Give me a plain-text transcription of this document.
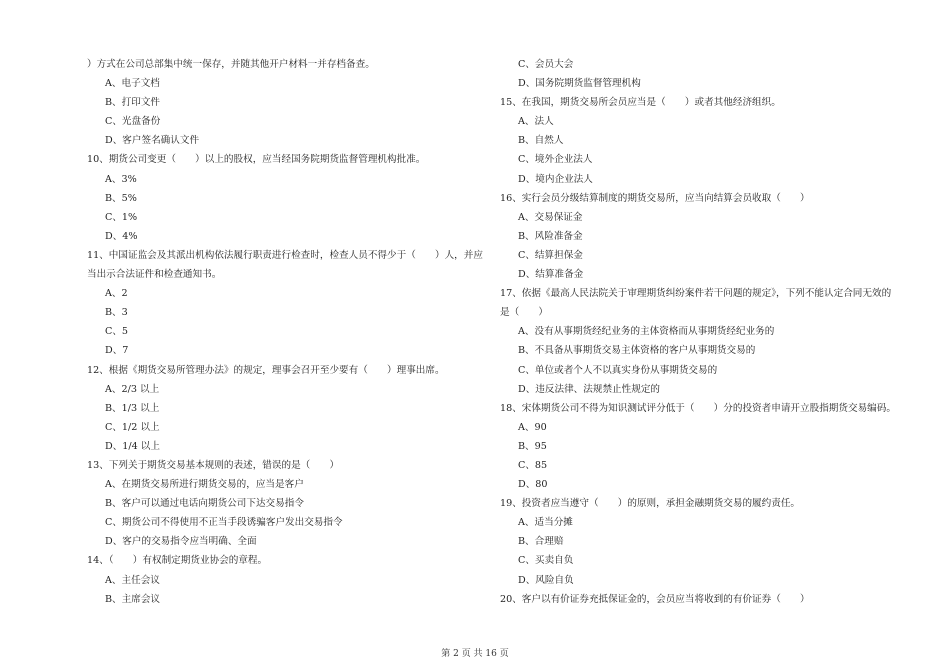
）方式在公司总部集中统一保存，并随其他开户材料一并存档备查。
A、电子文档
B、打印文件
C、光盘备份
D、客户签名确认文件
10、期货公司变更（　　）以上的股权，应当经国务院期货监督管理机构批准。
A、3%
B、5%
C、1%
D、4%
11、中国证监会及其派出机构依法履行职责进行检查时，检查人员不得少于（　　）人，并应
当出示合法证件和检查通知书。
A、2
B、3
C、5
D、7
12、根据《期货交易所管理办法》的规定，理事会召开至少要有（　　）理事出席。
A、2/3 以上
B、1/3 以上
C、1/2 以上
D、1/4 以上
13、下列关于期货交易基本规则的表述，错误的是（　　）
A、在期货交易所进行期货交易的，应当是客户
B、客户可以通过电话向期货公司下达交易指令
C、期货公司不得使用不正当手段诱骗客户发出交易指令
D、客户的交易指令应当明确、全面
14、（　　）有权制定期货业协会的章程。
A、主任会议
B、主席会议
C、会员大会
D、国务院期货监督管理机构
15、在我国，期货交易所会员应当是（　　）或者其他经济组织。
A、法人
B、自然人
C、境外企业法人
D、境内企业法人
16、实行会员分级结算制度的期货交易所，应当向结算会员收取（　　）
A、交易保证金
B、风险准备金
C、结算担保金
D、结算准备金
17、依据《最高人民法院关于审理期货纠纷案件若干问题的规定》，下列不能认定合同无效的
是（　　）
A、没有从事期货经纪业务的主体资格而从事期货经纪业务的
B、不具备从事期货交易主体资格的客户从事期货交易的
C、单位或者个人不以真实身份从事期货交易的
D、违反法律、法规禁止性规定的
18、宋体期货公司不得为知识测试评分低于（　　）分的投资者申请开立股指期货交易编码。
A、90
B、95
C、85
D、80
19、投资者应当遵守（　　）的原则，承担金融期货交易的履约责任。
A、适当分摊
B、合理赔
C、买卖自负
D、风险自负
20、客户以有价证券充抵保证金的，会员应当将收到的有价证券（　　）
第 2 页 共 16 页
